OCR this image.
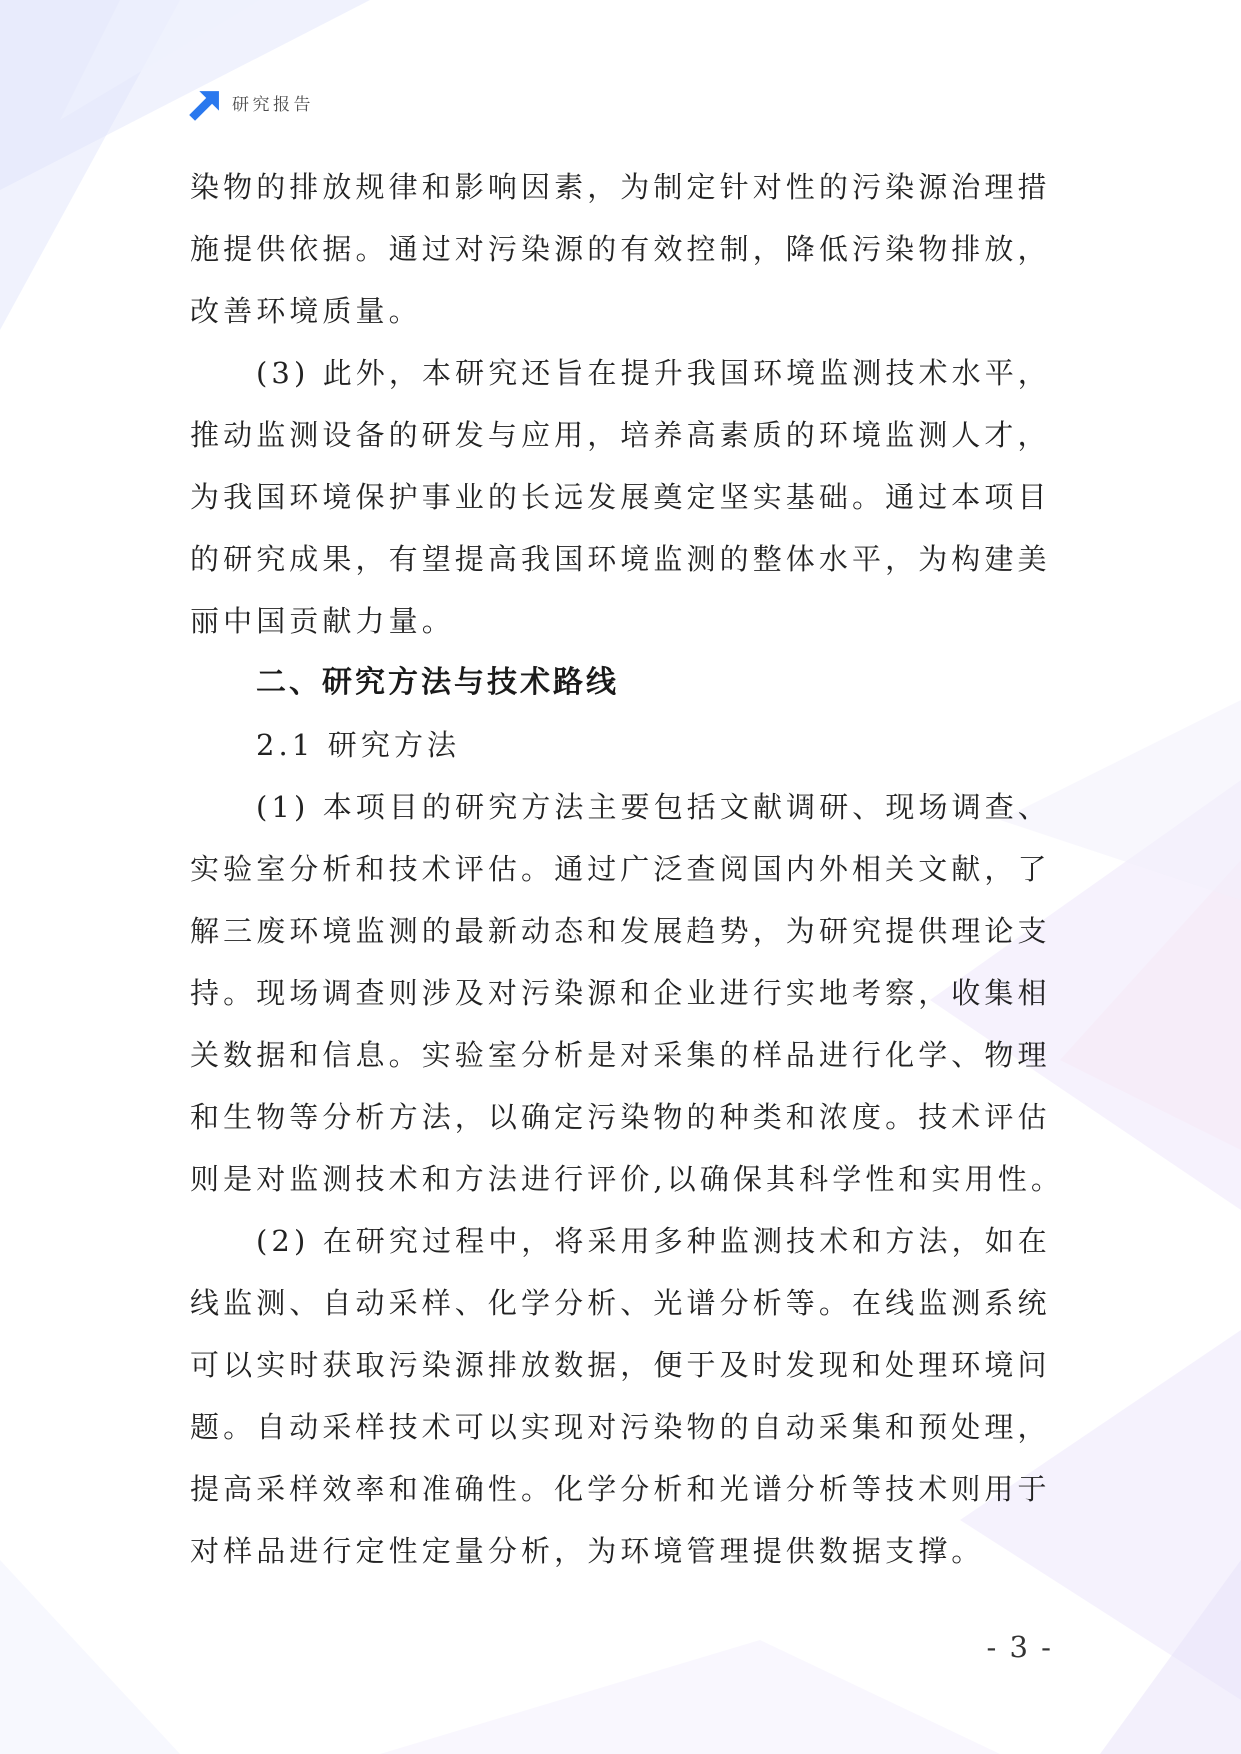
研究报告
染物的排放规律和影响因素，为制定针对性的污染源治理措
施提供依据。通过对污染源的有效控制，降低污染物排放，
改善环境质量。
(3) 此外，本研究还旨在提升我国环境监测技术水平，
推动监测设备的研发与应用，培养高素质的环境监测人才，
为我国环境保护事业的长远发展奠定坚实基础。通过本项目
的研究成果，有望提高我国环境监测的整体水平，为构建美
丽中国贡献力量。
二、研究方法与技术路线
2.1 研究方法
(1) 本项目的研究方法主要包括文献调研、现场调查、
实验室分析和技术评估。通过广泛查阅国内外相关文献，了
解三废环境监测的最新动态和发展趋势，为研究提供理论支
持。现场调查则涉及对污染源和企业进行实地考察，收集相
关数据和信息。实验室分析是对采集的样品进行化学、物理
和生物等分析方法，以确定污染物的种类和浓度。技术评估
则是对监测技术和方法进行评价,以确保其科学性和实用性。
(2) 在研究过程中，将采用多种监测技术和方法，如在
线监测、自动采样、化学分析、光谱分析等。在线监测系统
可以实时获取污染源排放数据，便于及时发现和处理环境问
题。自动采样技术可以实现对污染物的自动采集和预处理，
提高采样效率和准确性。化学分析和光谱分析等技术则用于
对样品进行定性定量分析，为环境管理提供数据支撑。
- 3 -
